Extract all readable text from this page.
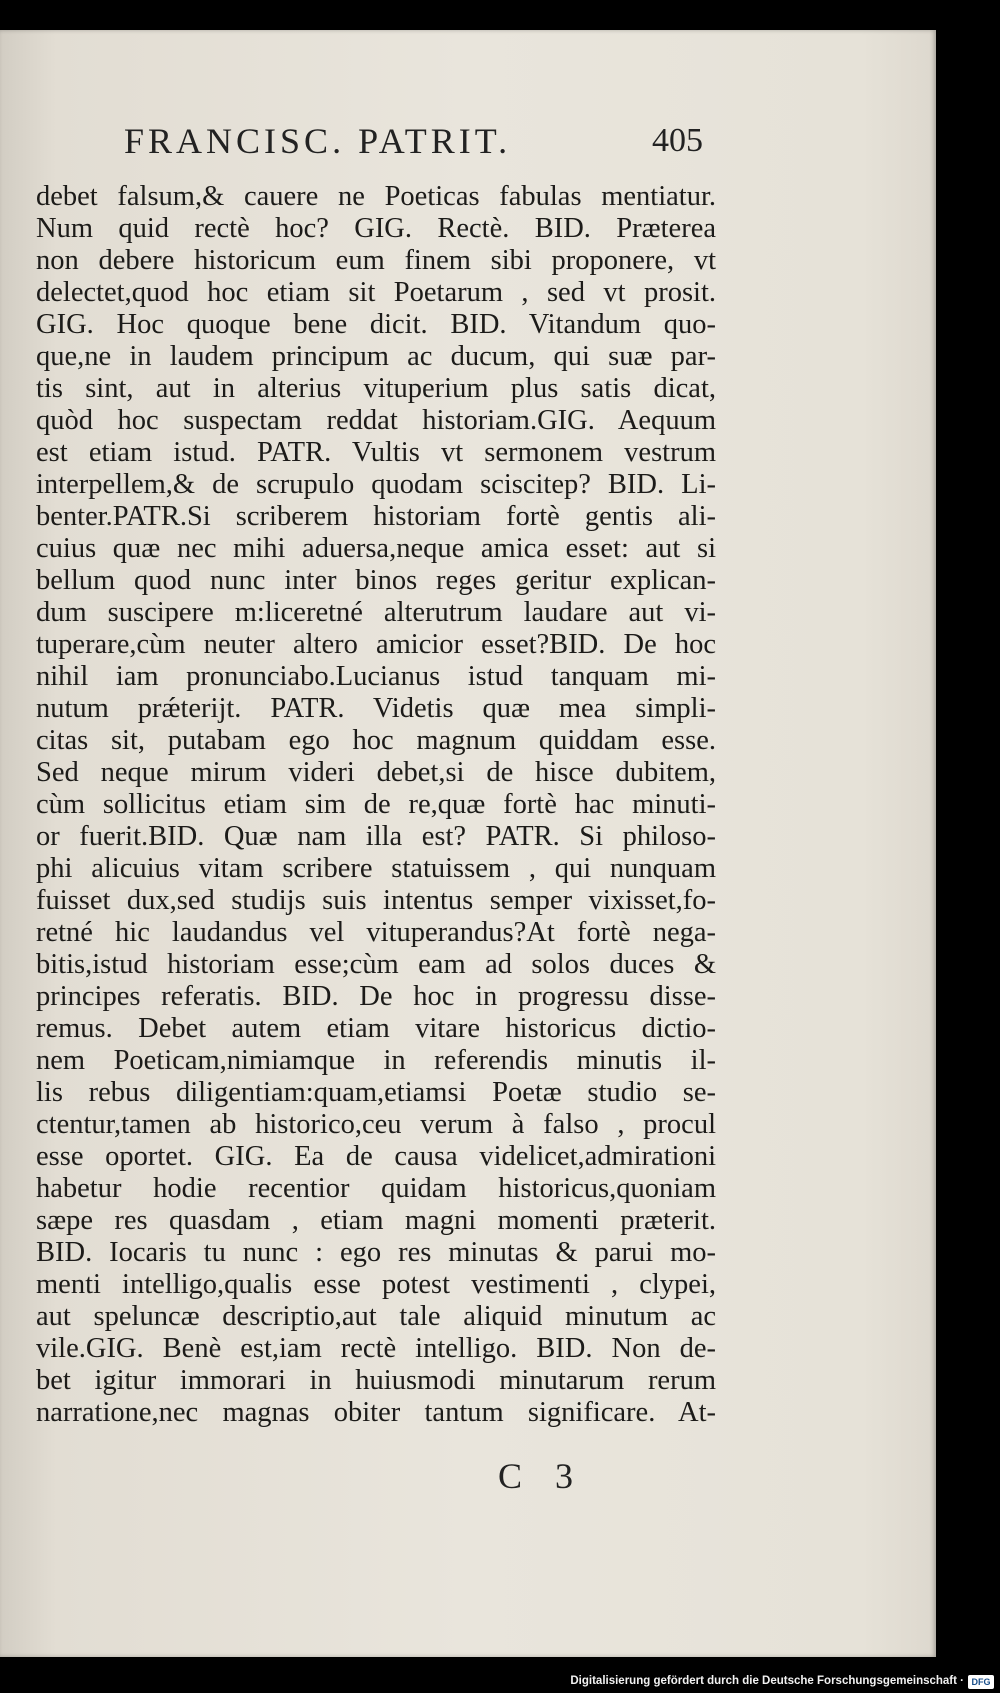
FRANCISC. PATRIT.	405
debet falsum,& cauere ne Poeticas fabulas mentiatur.
Num quid rectè hoc? GIG. Rectè. BID. Præterea
non debere historicum eum finem sibi proponere, vt
delectet,quod hoc etiam sit Poetarum , sed vt prosit.
GIG. Hoc quoque bene dicit. BID. Vitandum quo-
que,ne in laudem principum ac ducum, qui suæ par-
tis sint, aut in alterius vituperium plus satis dicat,
quòd hoc suspectam reddat historiam.GIG. Aequum
est etiam istud. PATR. Vultis vt sermonem vestrum
interpellem,& de scrupulo quodam sciscitер? BID. Li-
benter.PATR.Si scriberem historiam fortè gentis ali-
cuius quæ nec mihi aduersa,neque amica esset: aut si
bellum quod nunc inter binos reges geritur explican-
dum suscipere m:liceretné alterutrum laudare aut vi-
tuperare,cùm neuter altero amicior esset?BID. De hoc
nihil iam pronunciabo.Lucianus istud tanquam mi-
nutum prǽterijt. PATR. Videtis quæ mea simpli-
citas sit, putabam ego hoc magnum quiddam esse.
Sed neque mirum videri debet,si de hisce dubitem,
cùm sollicitus etiam sim de re,quæ fortè hac minuti-
or fuerit.BID. Quæ nam illa est? PATR. Si philoso-
phi alicuius vitam scribere statuissem , qui nunquam
fuisset dux,sed studijs suis intentus semper vixisset,fo-
retné hic laudandus vel vituperandus?At fortè nega-
bitis,istud historiam esse;cùm eam ad solos duces &
principes referatis. BID. De hoc in progressu disse-
remus. Debet autem etiam vitare historicus dictio-
nem Poeticam,nimiamque in referendis minutis il-
lis rebus diligentiam:quam,etiamsi Poetæ studio se-
ctentur,tamen ab historico,ceu verum à falso , procul
esse oportet. GIG. Ea de causa videlicet,admirationi
habetur hodie recentior quidam historicus,quoniam
sæpe res quasdam , etiam magni momenti præterit.
BID. Iocaris tu nunc : ego res minutas & parui mo-
menti intelligo,qualis esse potest vestimenti , clypei,
aut speluncæ descriptio,aut tale aliquid minutum ac
vile.GIG. Benè est,iam rectè intelligo. BID. Non de-
bet igitur immorari in huiusmodi minutarum rerum
narratione,nec magnas obiter tantum significare. At-
C 3
Digitalisierung gefördert durch die Deutsche Forschungsgemeinschaft · DFG
